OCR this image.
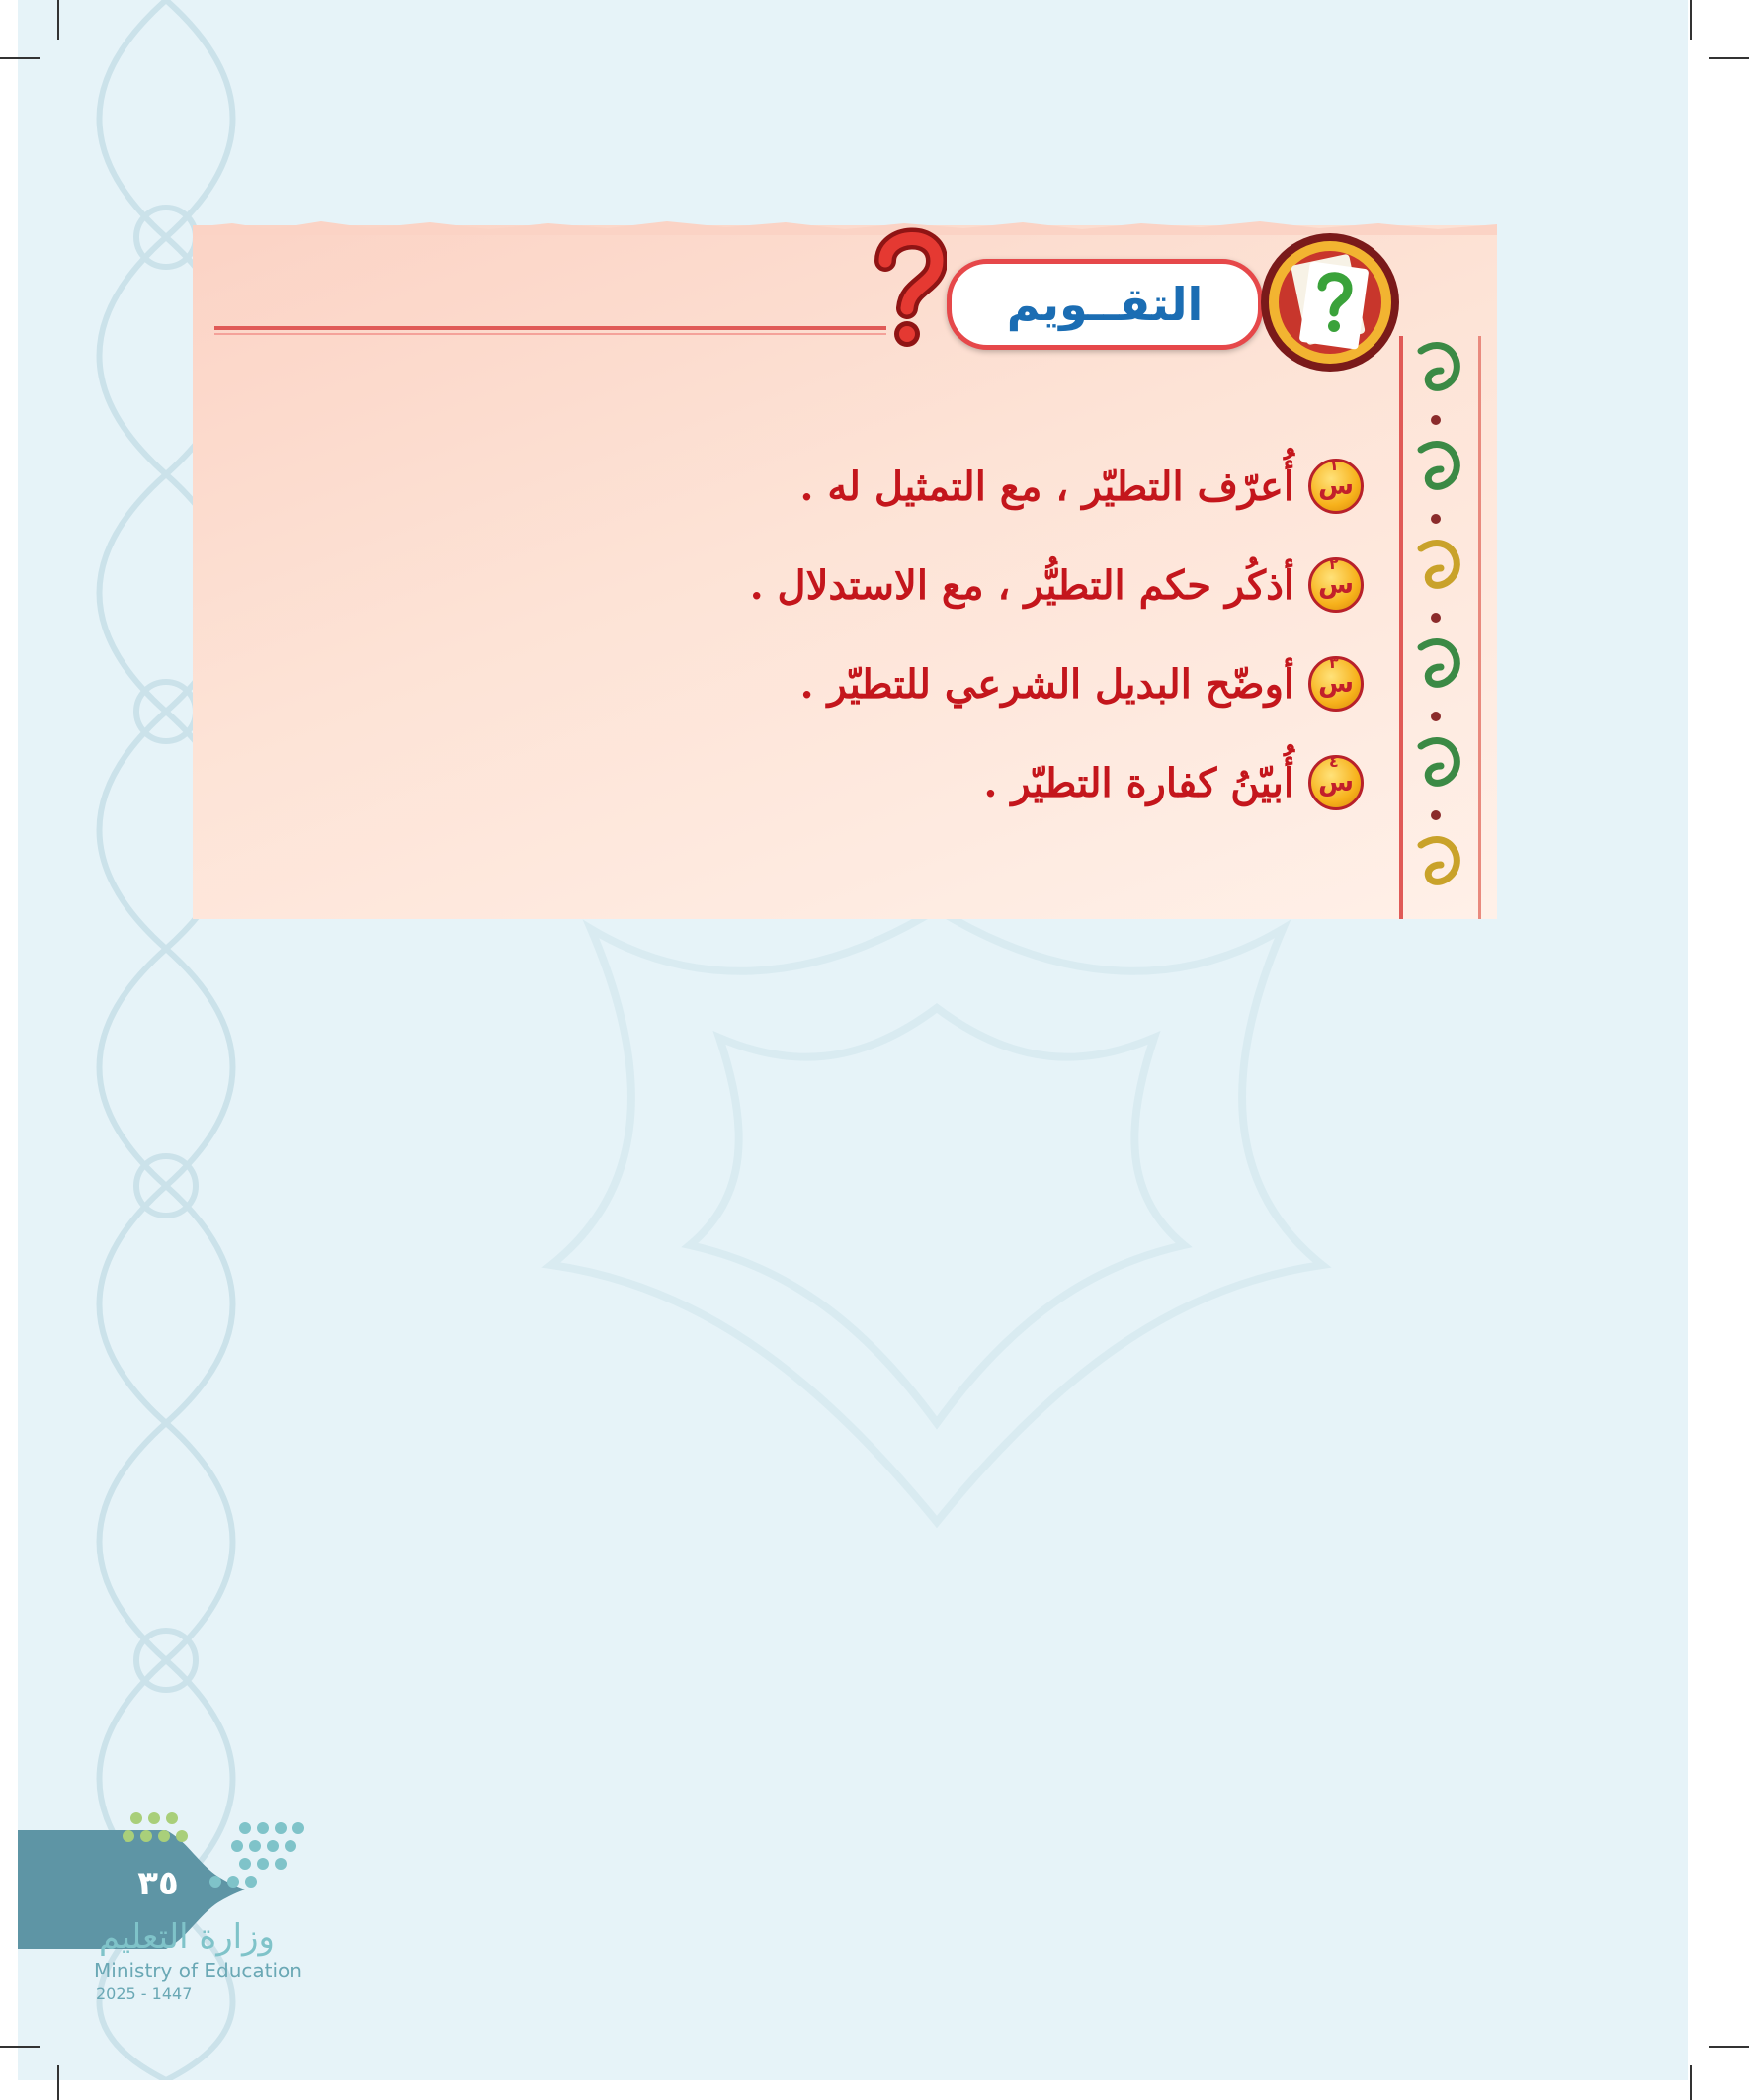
التقــويم
س
١
أُعرّف التطيّر ، مع التمثيل له .
س
٢
أذكُر حكم التطيُّر ، مع الاستدلال .
س
٣
أوضّح البديل الشرعي للتطيّر .
س
٤
أُبيّنُ كفارة التطيّر .
٣٥
وزارة التعليم
Ministry of Education
2025 - 1447
